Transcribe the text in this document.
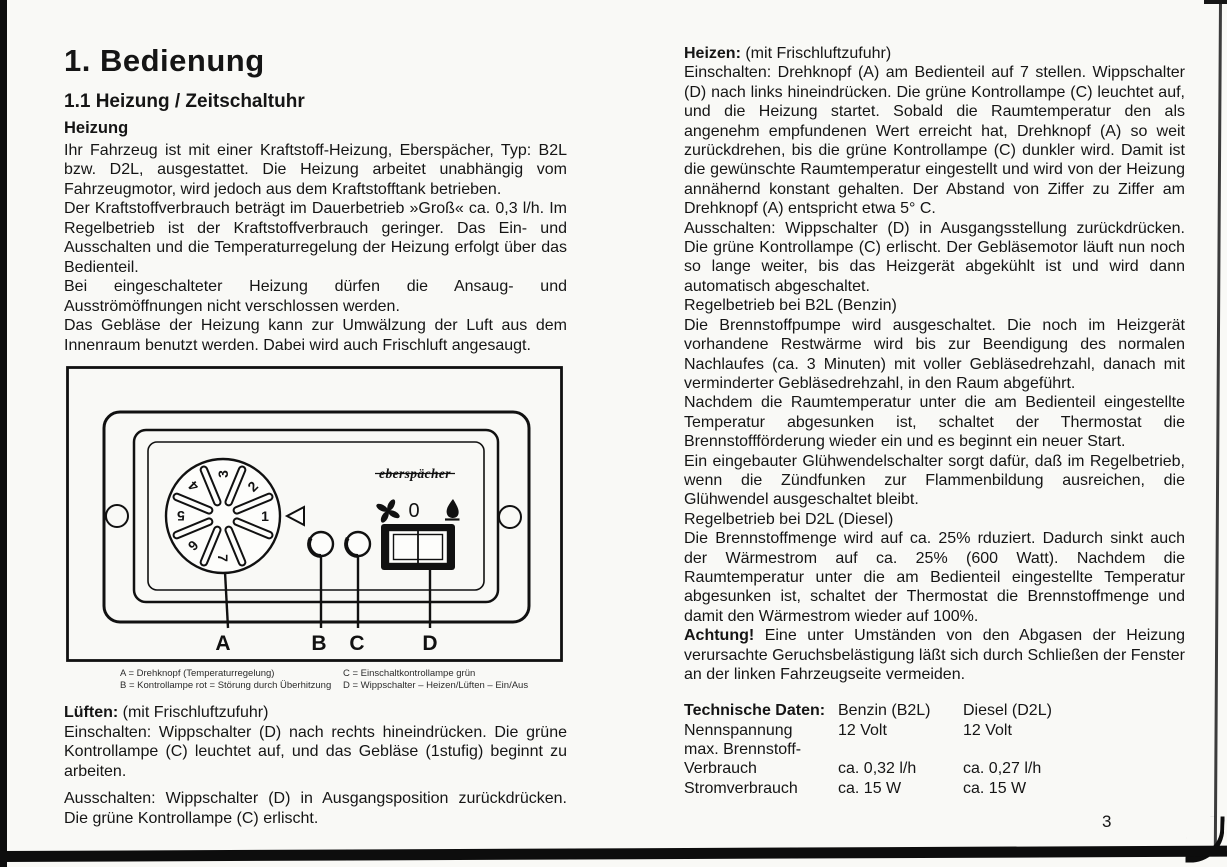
1. Bedienung
1.1 Heizung / Zeitschaltuhr
Heizung

Ihr Fahrzeug ist mit einer Kraftstoff-Heizung, Eberspächer, Typ: B2L bzw. D2L, ausgestattet. Die Heizung arbeitet unabhängig vom Fahrzeugmotor, wird jedoch aus dem Kraftstofftank betrieben.

Der Kraftstoffverbrauch beträgt im Dauerbetrieb »Groß« ca. 0,3 l/h. Im Regelbetrieb ist der Kraftstoffverbrauch geringer. Das Ein- und Ausschalten und die Temperaturregelung der Heizung erfolgt über das Bedienteil.

Bei eingeschalteter Heizung dürfen die Ansaug- und Ausströmöffnungen nicht verschlossen werden.

Das Gebläse der Heizung kann zur Umwälzung der Luft aus dem Innenraum benutzt werden. Dabei wird auch Frischluft angesaugt.

1
2
3
4
5
6
7
eberspächer
0
A	B C	D
A = Drehknopf (Temperaturregelung)
B = Kontrollampe rot = Störung durch Überhitzung
C = Einschaltkontrollampe grün
D = Wippschalter – Heizen/Lüften – Ein/Aus

Lüften: (mit Frischluftzufuhr)

Einschalten: Wippschalter (D) nach rechts hineindrücken. Die grüne Kontrollampe (C) leuchtet auf, und das Gebläse (1stufig) beginnt zu arbeiten.

Ausschalten: Wippschalter (D) in Ausgangsposition zurückdrücken. Die grüne Kontrollampe (C) erlischt.

Heizen: (mit Frischluftzufuhr)

Einschalten: Drehknopf (A) am Bedienteil auf 7 stellen. Wippschalter (D) nach links hineindrücken. Die grüne Kontrollampe (C) leuchtet auf, und die Heizung startet. Sobald die Raumtemperatur den als angenehm empfundenen Wert erreicht hat, Drehknopf (A) so weit zurückdrehen, bis die grüne Kontrollampe (C) dunkler wird. Damit ist die gewünschte Raumtemperatur eingestellt und wird von der Heizung annähernd konstant gehalten. Der Abstand von Ziffer zu Ziffer am Drehknopf (A) entspricht etwa 5° C.

Ausschalten: Wippschalter (D) in Ausgangsstellung zurückdrücken. Die grüne Kontrollampe (C) erlischt. Der Gebläsemotor läuft nun noch so lange weiter, bis das Heizgerät abgekühlt ist und wird dann automatisch abgeschaltet.

Regelbetrieb bei B2L (Benzin)

Die Brennstoffpumpe wird ausgeschaltet. Die noch im Heizgerät vorhandene Restwärme wird bis zur Beendigung des normalen Nachlaufes (ca. 3 Minuten) mit voller Gebläsedrehzahl, danach mit verminderter Gebläsedrehzahl, in den Raum abgeführt.

Nachdem die Raumtemperatur unter die am Bedienteil eingestellte Temperatur abgesunken ist, schaltet der Thermostat die Brennstoffförderung wieder ein und es beginnt ein neuer Start.

Ein eingebauter Glühwendelschalter sorgt dafür, daß im Regelbetrieb, wenn die Zündfunken zur Flammenbildung ausreichen, die Glühwendel ausgeschaltet bleibt.

Regelbetrieb bei D2L (Diesel)

Die Brennstoffmenge wird auf ca. 25% rduziert. Dadurch sinkt auch der Wärmestrom auf ca. 25% (600 Watt). Nachdem die Raumtemperatur unter die am Bedienteil eingestellte Temperatur abgesunken ist, schaltet der Thermostat die Brennstoffmenge und damit den Wärmestrom wieder auf 100%.

Achtung! Eine unter Umständen von den Abgasen der Heizung verursachte Geruchsbelästigung läßt sich durch Schließen der Fenster an der linken Fahrzeugseite vermeiden.

Technische Daten: Benzin (B2L)	Diesel (D2L)
Nennspannung	12 Volt	12 Volt
max. Brennstoff-
Verbrauch	ca. 0,32 l/h	ca. 0,27 l/h
Stromverbrauch	ca. 15 W	ca. 15 W
3
